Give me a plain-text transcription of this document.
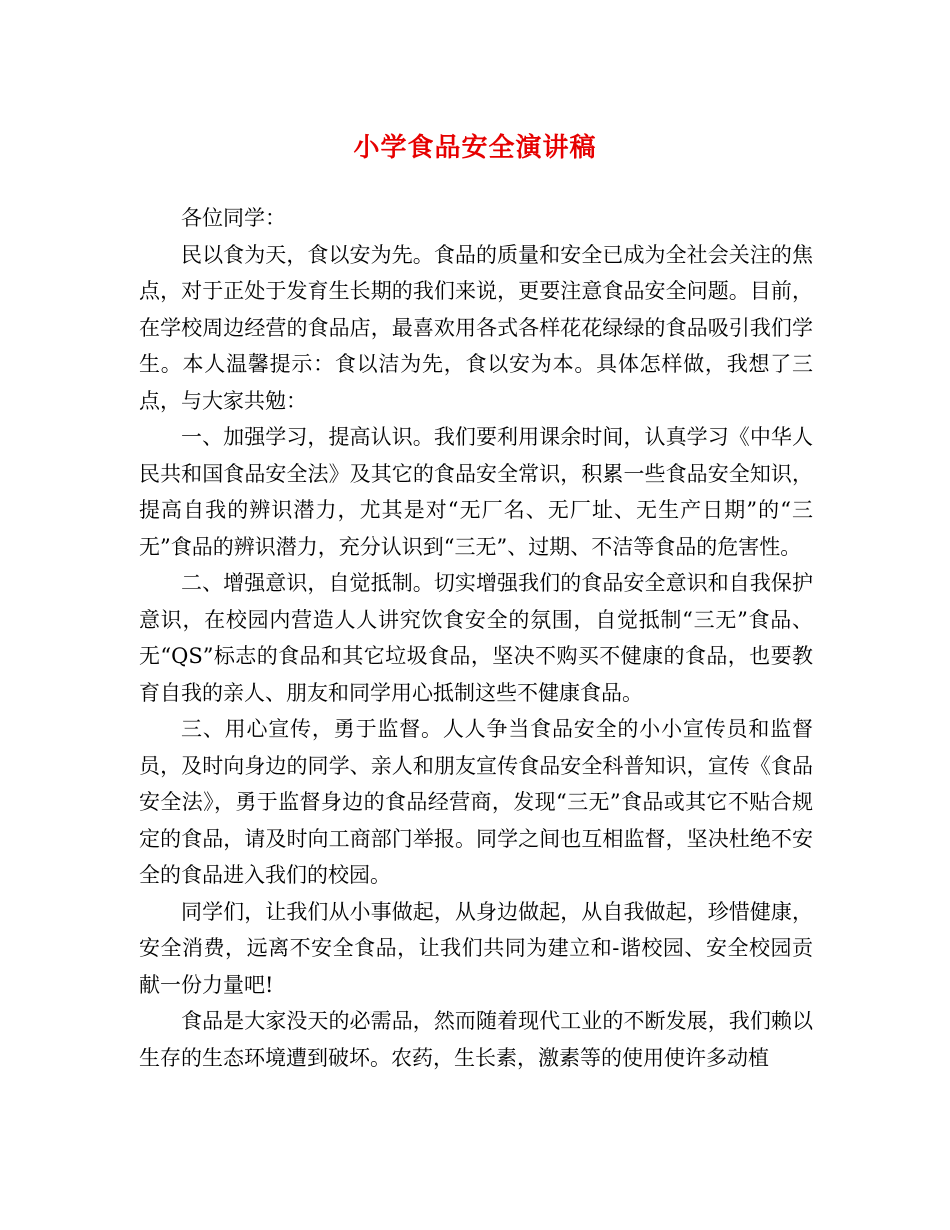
小学食品安全演讲稿

各位同学：

民以食为天，食以安为先。食品的质量和安全已成为全社会关注的焦点，对于正处于发育生长期的我们来说，更要注意食品安全问题。目前，在学校周边经营的食品店，最喜欢用各式各样花花绿绿的食品吸引我们学生。本人温馨提示：食以洁为先，食以安为本。具体怎样做，我想了三点，与大家共勉：

一、加强学习，提高认识。我们要利用课余时间，认真学习《中华人民共和国食品安全法》及其它的食品安全常识，积累一些食品安全知识，提高自我的辨识潜力，尤其是对“无厂名、无厂址、无生产日期”的“三无”食品的辨识潜力，充分认识到“三无”、过期、不洁等食品的危害性。

二、增强意识，自觉抵制。切实增强我们的食品安全意识和自我保护意识，在校园内营造人人讲究饮食安全的氛围，自觉抵制“三无”食品、无“QS”标志的食品和其它垃圾食品，坚决不购买不健康的食品，也要教育自我的亲人、朋友和同学用心抵制这些不健康食品。

三、用心宣传，勇于监督。人人争当食品安全的小小宣传员和监督员，及时向身边的同学、亲人和朋友宣传食品安全科普知识，宣传《食品安全法》，勇于监督身边的食品经营商，发现“三无”食品或其它不贴合规定的食品，请及时向工商部门举报。同学之间也互相监督，坚决杜绝不安全的食品进入我们的校园。

同学们，让我们从小事做起，从身边做起，从自我做起，珍惜健康，安全消费，远离不安全食品，让我们共同为建立和-谐校园、安全校园贡献一份力量吧!

食品是大家没天的必需品，然而随着现代工业的不断发展，我们赖以生存的生态环境遭到破坏。农药，生长素，激素等的使用使许多动植
